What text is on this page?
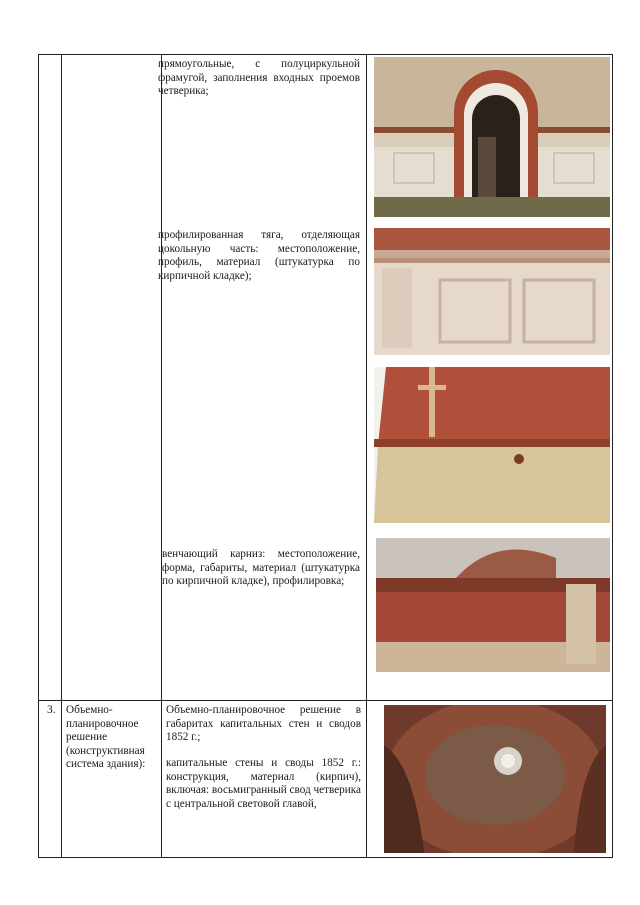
прямоугольные, с полуциркульной фрамугой, заполнения входных проемов четверика;
профилированная тяга, отделяющая цокольную часть: местоположение, профиль, материал (штукатурка по кирпичной кладке);
венчающий карниз: местоположение, форма, габариты, материал (штукатурка по кирпичной кладке), профилировка;
3. Объемно-планировочное решение (конструктивная система здания):
Объемно-планировочное решение в габаритах капитальных стен и сводов 1852 г.;
капитальные стены и своды 1852 г.: конструкция, материал (кирпич), включая: восьмигранный свод четверика с центральной световой главой,
